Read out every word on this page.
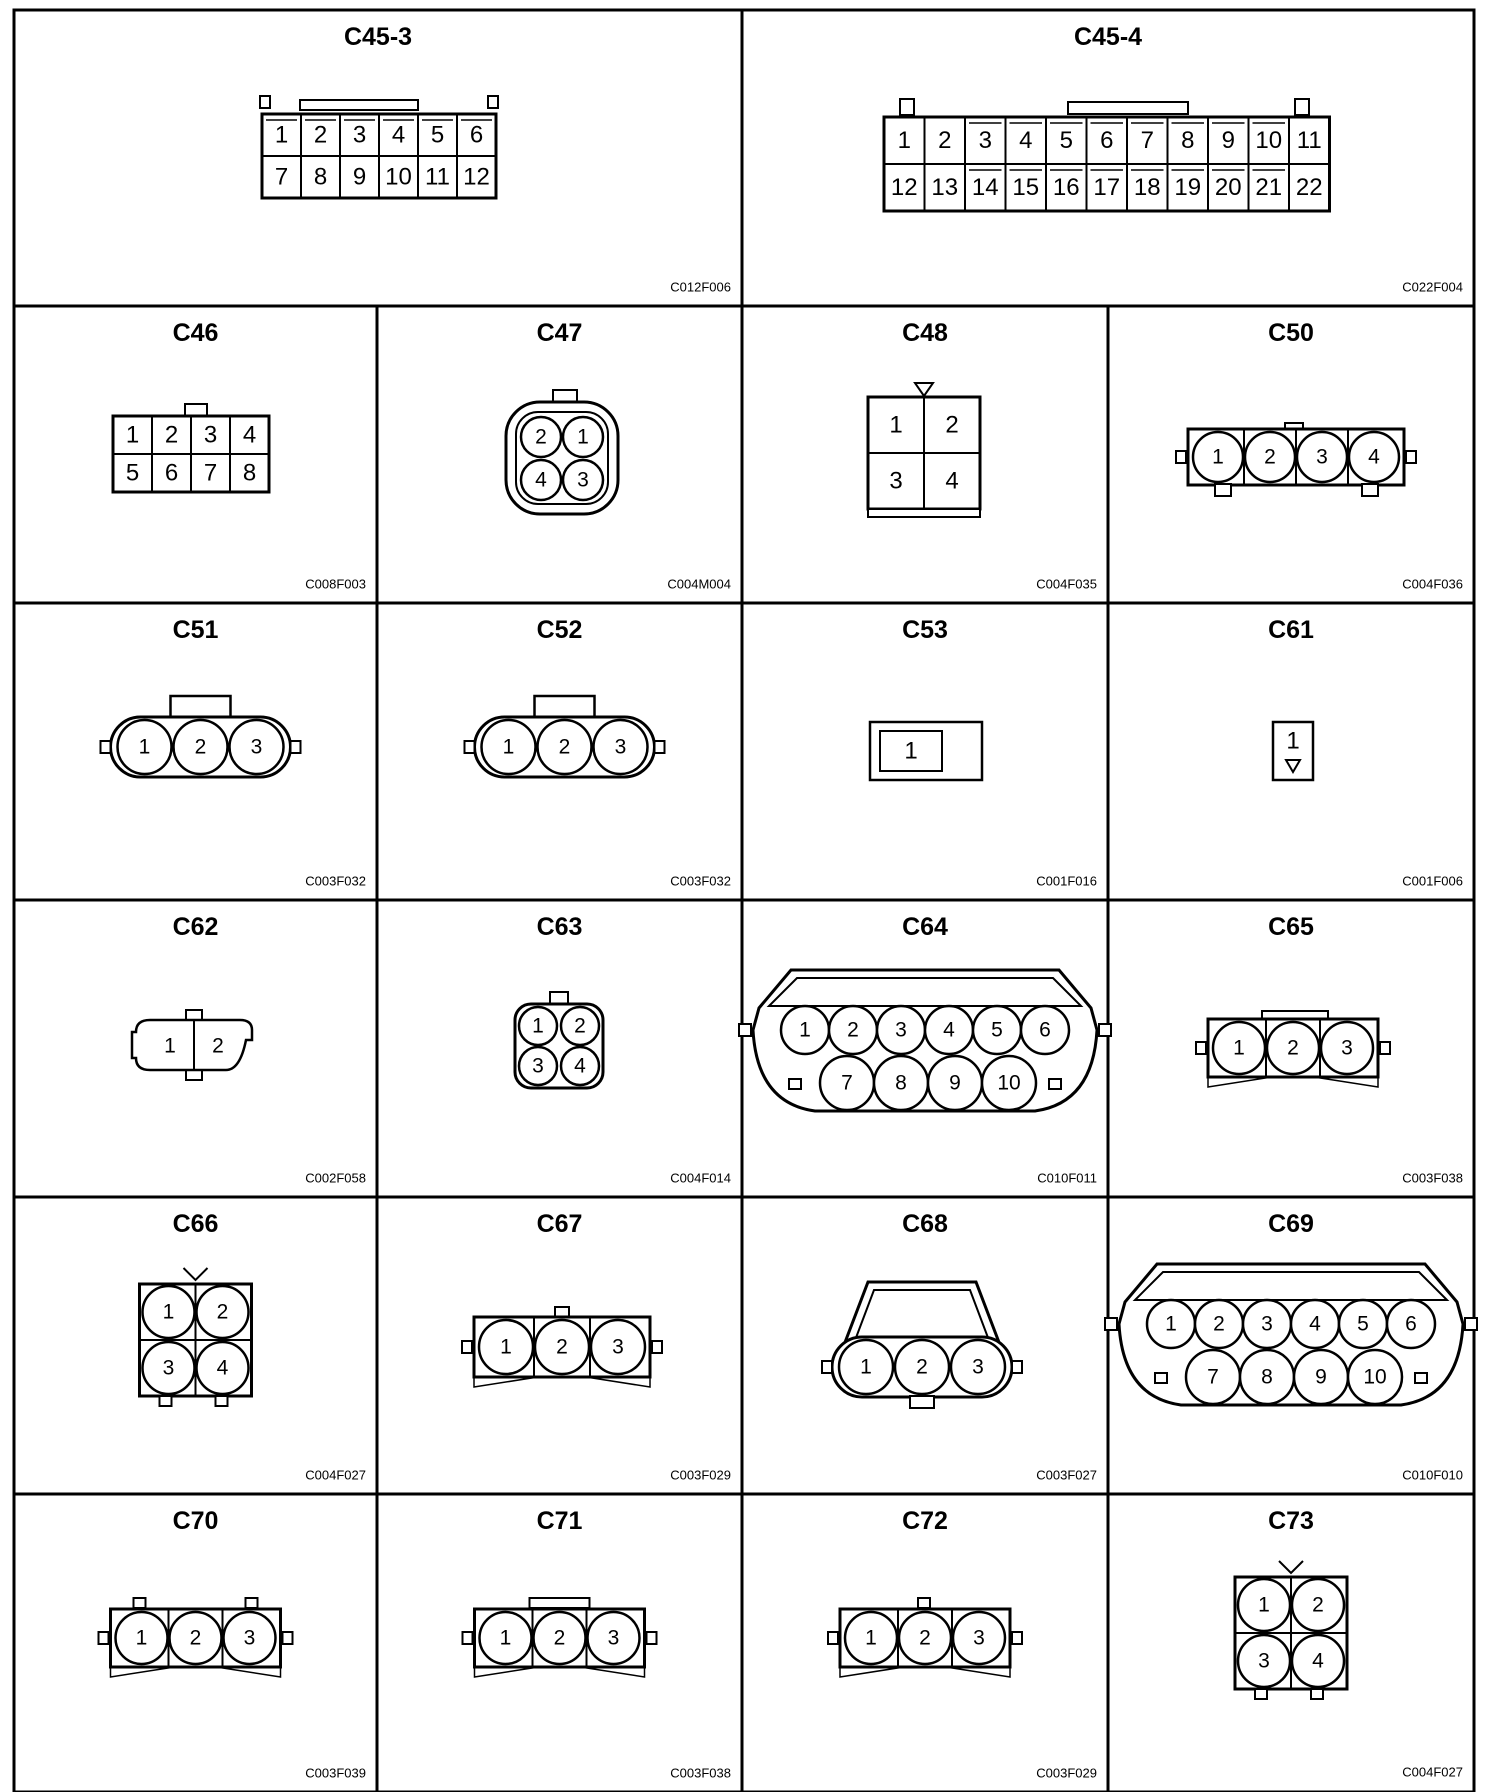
C45-3
C012F006
1 2 3 4 5 6
7 8 9 10 11 12
C45-4
C022F004
1 2 3 4 5 6 7 8 9 10 11
12 13 14 15 16 17 18 19 20 21 22
C46
C008F003
1 2 3 4
5 6 7 8
C47
C004M004
2 1
4 3
C48
C004F035
1 2
3 4
C50
C004F036
1 2 3 4
C51
C003F032
1 2 3
C52
C003F032
1 2 3
C53
C001F016
1
C61
C001F006
1
C62
C002F058
1 2
C63
C004F014
1 2
3 4
C64
C010F011
1 2 3 4 5 6
7 8 9 10
C65
C003F038
1 2 3
C66
C004F027
1 2
3 4
C67
C003F029
1 2 3
C68
C003F027
1 2 3
C69
C010F010
1 2 3 4 5 6
7 8 9 10
C70
C003F039
1 2 3
C71
C003F038
1 2 3
C72
C003F029
1 2 3
C73
C004F027
1 2
3 4
